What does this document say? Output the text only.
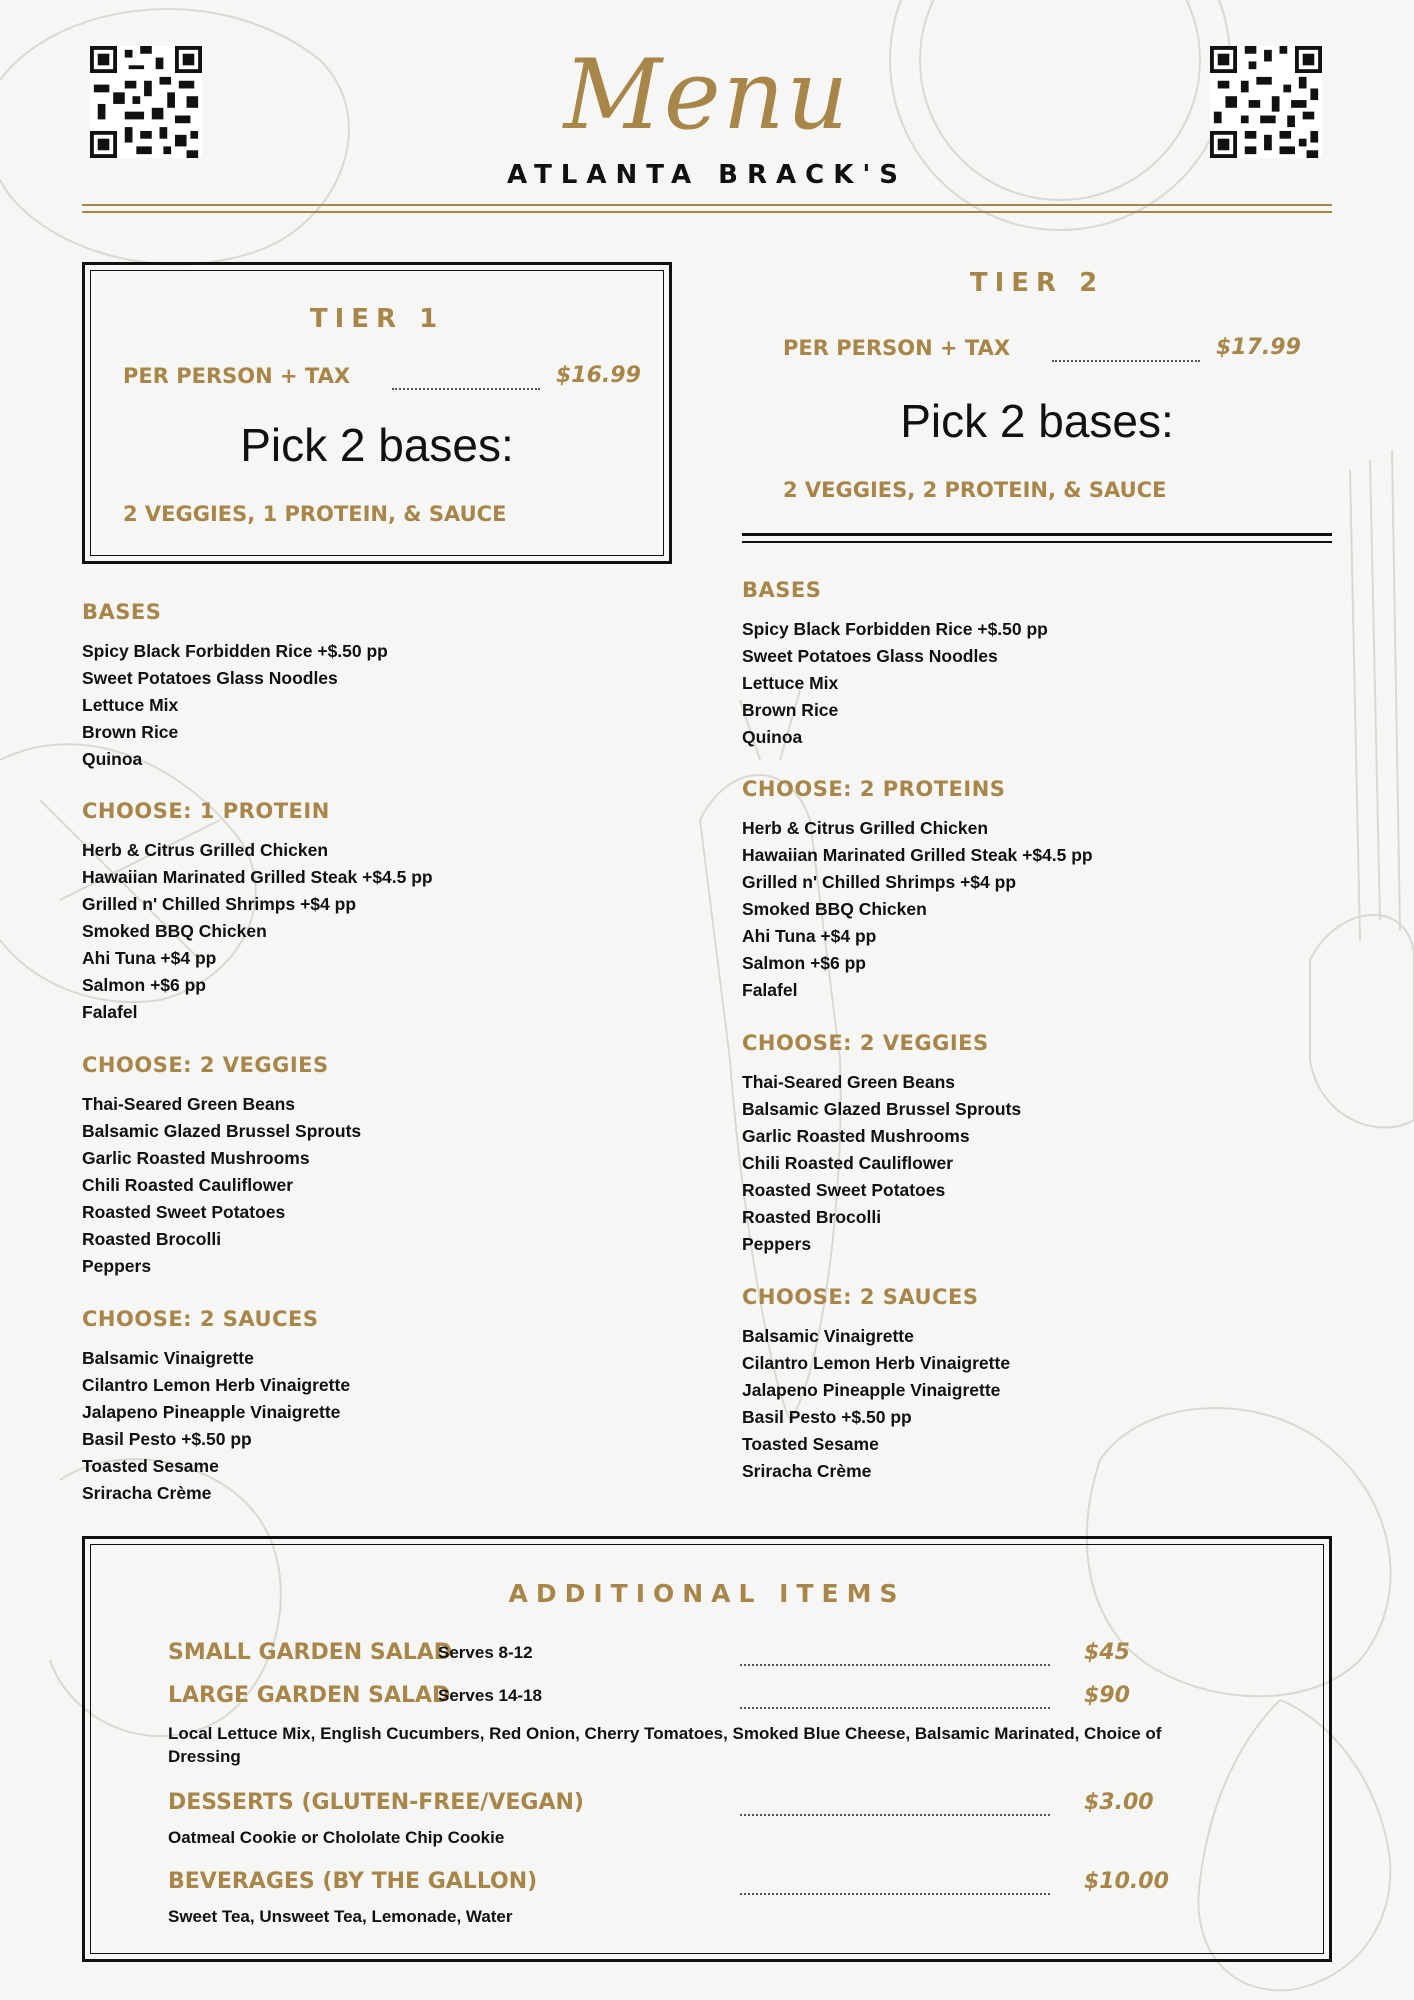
Menu
ATLANTA BRACK'S
TIER 1
PER PERSON + TAX	$16.99
Pick 2 bases:
2 VEGGIES, 1 PROTEIN, & SAUCE
TIER 2
PER PERSON + TAX	$17.99
Pick 2 bases:
2 VEGGIES, 2 PROTEIN, & SAUCE
BASES
Spicy Black Forbidden Rice +$.50 pp
Sweet Potatoes Glass Noodles
Lettuce Mix
Brown Rice
Quinoa
CHOOSE: 1 PROTEIN
Herb & Citrus Grilled Chicken
Hawaiian Marinated Grilled Steak +$4.5 pp
Grilled n' Chilled Shrimps +$4 pp
Smoked BBQ Chicken
Ahi Tuna +$4 pp
Salmon +$6 pp
Falafel
CHOOSE: 2 VEGGIES
Thai-Seared Green Beans
Balsamic Glazed Brussel Sprouts
Garlic Roasted Mushrooms
Chili Roasted Cauliflower
Roasted Sweet Potatoes
Roasted Brocolli
Peppers
CHOOSE: 2 SAUCES
Balsamic Vinaigrette
Cilantro Lemon Herb Vinaigrette
Jalapeno Pineapple Vinaigrette
Basil Pesto +$.50 pp
Toasted Sesame
Sriracha Crème
BASES
Spicy Black Forbidden Rice +$.50 pp
Sweet Potatoes Glass Noodles
Lettuce Mix
Brown Rice
Quinoa
CHOOSE: 2 PROTEINS
Herb & Citrus Grilled Chicken
Hawaiian Marinated Grilled Steak +$4.5 pp
Grilled n' Chilled Shrimps +$4 pp
Smoked BBQ Chicken
Ahi Tuna +$4 pp
Salmon +$6 pp
Falafel
CHOOSE: 2 VEGGIES
Thai-Seared Green Beans
Balsamic Glazed Brussel Sprouts
Garlic Roasted Mushrooms
Chili Roasted Cauliflower
Roasted Sweet Potatoes
Roasted Brocolli
Peppers
CHOOSE: 2 SAUCES
Balsamic Vinaigrette
Cilantro Lemon Herb Vinaigrette
Jalapeno Pineapple Vinaigrette
Basil Pesto +$.50 pp
Toasted Sesame
Sriracha Crème
ADDITIONAL ITEMS
SMALL GARDEN SALAD
Serves 8-12	$45
LARGE GARDEN SALAD
Serves 14-18	$90
Local Lettuce Mix, English Cucumbers, Red Onion, Cherry Tomatoes, Smoked Blue Cheese, Balsamic Marinated, Choice of Dressing
DESSERTS (GLUTEN-FREE/VEGAN)	$3.00
Oatmeal Cookie or Chololate Chip Cookie
BEVERAGES (BY THE GALLON)	$10.00
Sweet Tea, Unsweet Tea, Lemonade, Water
